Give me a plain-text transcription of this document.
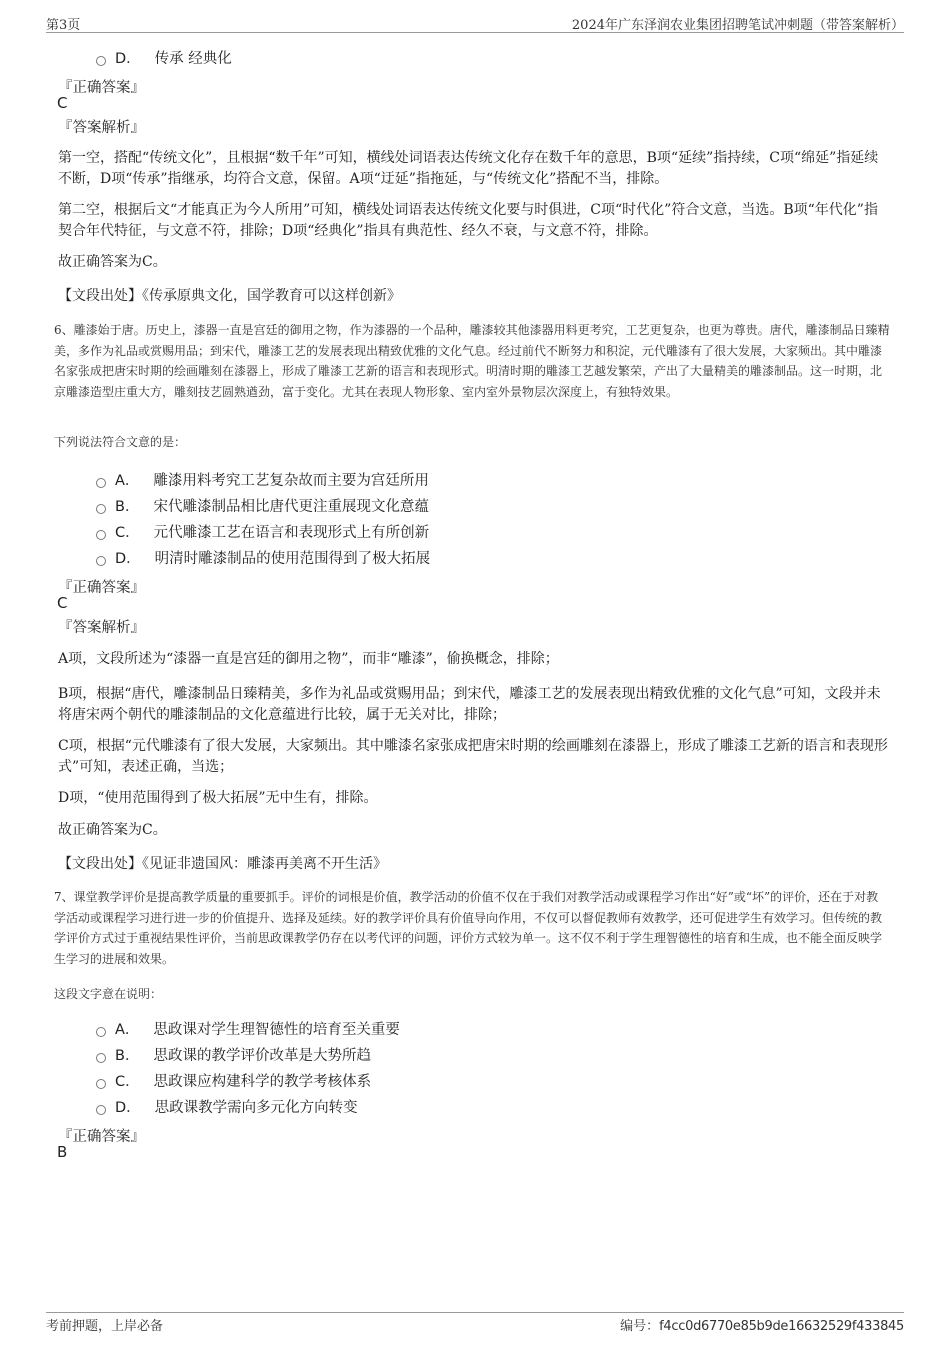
第3页	2024年广东泽润农业集团招聘笔试冲刺题（带答案解析）
D． 传承 经典化
『正确答案』
C
『答案解析』
第一空，搭配“传统文化”，且根据“数千年”可知，横线处词语表达传统文化存在数千年的意思，B项“延续”指持续，C项“绵延”指延续不断，D项“传承”指继承，均符合文意，保留。A项“迂延”指拖延，与“传统文化”搭配不当，排除。
第二空，根据后文“才能真正为今人所用”可知，横线处词语表达传统文化要与时俱进，C项“时代化”符合文意，当选。B项“年代化”指契合年代特征，与文意不符，排除；D项“经典化”指具有典范性、经久不衰，与文意不符，排除。
故正确答案为C。
【文段出处】《传承原典文化，国学教育可以这样创新》
6、雕漆始于唐。历史上，漆器一直是宫廷的御用之物，作为漆器的一个品种，雕漆较其他漆器用料更考究，工艺更复杂，也更为尊贵。唐代，雕漆制品日臻精美，多作为礼品或赏赐用品；到宋代，雕漆工艺的发展表现出精致优雅的文化气息。经过前代不断努力和积淀，元代雕漆有了很大发展，大家频出。其中雕漆名家张成把唐宋时期的绘画雕刻在漆器上，形成了雕漆工艺新的语言和表现形式。明清时期的雕漆工艺越发繁荣，产出了大量精美的雕漆制品。这一时期，北京雕漆造型庄重大方，雕刻技艺圆熟遒劲，富于变化。尤其在表现人物形象、室内室外景物层次深度上，有独特效果。
下列说法符合文意的是：
A． 雕漆用料考究工艺复杂故而主要为宫廷所用
B． 宋代雕漆制品相比唐代更注重展现文化意蕴
C． 元代雕漆工艺在语言和表现形式上有所创新
D． 明清时雕漆制品的使用范围得到了极大拓展
『正确答案』
C
『答案解析』
A项，文段所述为“漆器一直是宫廷的御用之物”，而非“雕漆”，偷换概念，排除；
B项，根据“唐代，雕漆制品日臻精美，多作为礼品或赏赐用品；到宋代，雕漆工艺的发展表现出精致优雅的文化气息”可知，文段并未将唐宋两个朝代的雕漆制品的文化意蕴进行比较，属于无关对比，排除；
C项，根据“元代雕漆有了很大发展，大家频出。其中雕漆名家张成把唐宋时期的绘画雕刻在漆器上，形成了雕漆工艺新的语言和表现形式”可知，表述正确，当选；
D项，“使用范围得到了极大拓展”无中生有，排除。
故正确答案为C。
【文段出处】《见证非遗国风：雕漆再美离不开生活》
7、课堂教学评价是提高教学质量的重要抓手。评价的词根是价值，教学活动的价值不仅在于我们对教学活动或课程学习作出“好”或“坏”的评价，还在于对教学活动或课程学习进行进一步的价值提升、选择及延续。好的教学评价具有价值导向作用，不仅可以督促教师有效教学，还可促进学生有效学习。但传统的教学评价方式过于重视结果性评价，当前思政课教学仍存在以考代评的问题，评价方式较为单一。这不仅不利于学生理智德性的培育和生成，也不能全面反映学生学习的进展和效果。
这段文字意在说明：
A． 思政课对学生理智德性的培育至关重要
B． 思政课的教学评价改革是大势所趋
C． 思政课应构建科学的教学考核体系
D． 思政课教学需向多元化方向转变
『正确答案』
B
考前押题，上岸必备	编号：f4cc0d6770e85b9de16632529f433845
